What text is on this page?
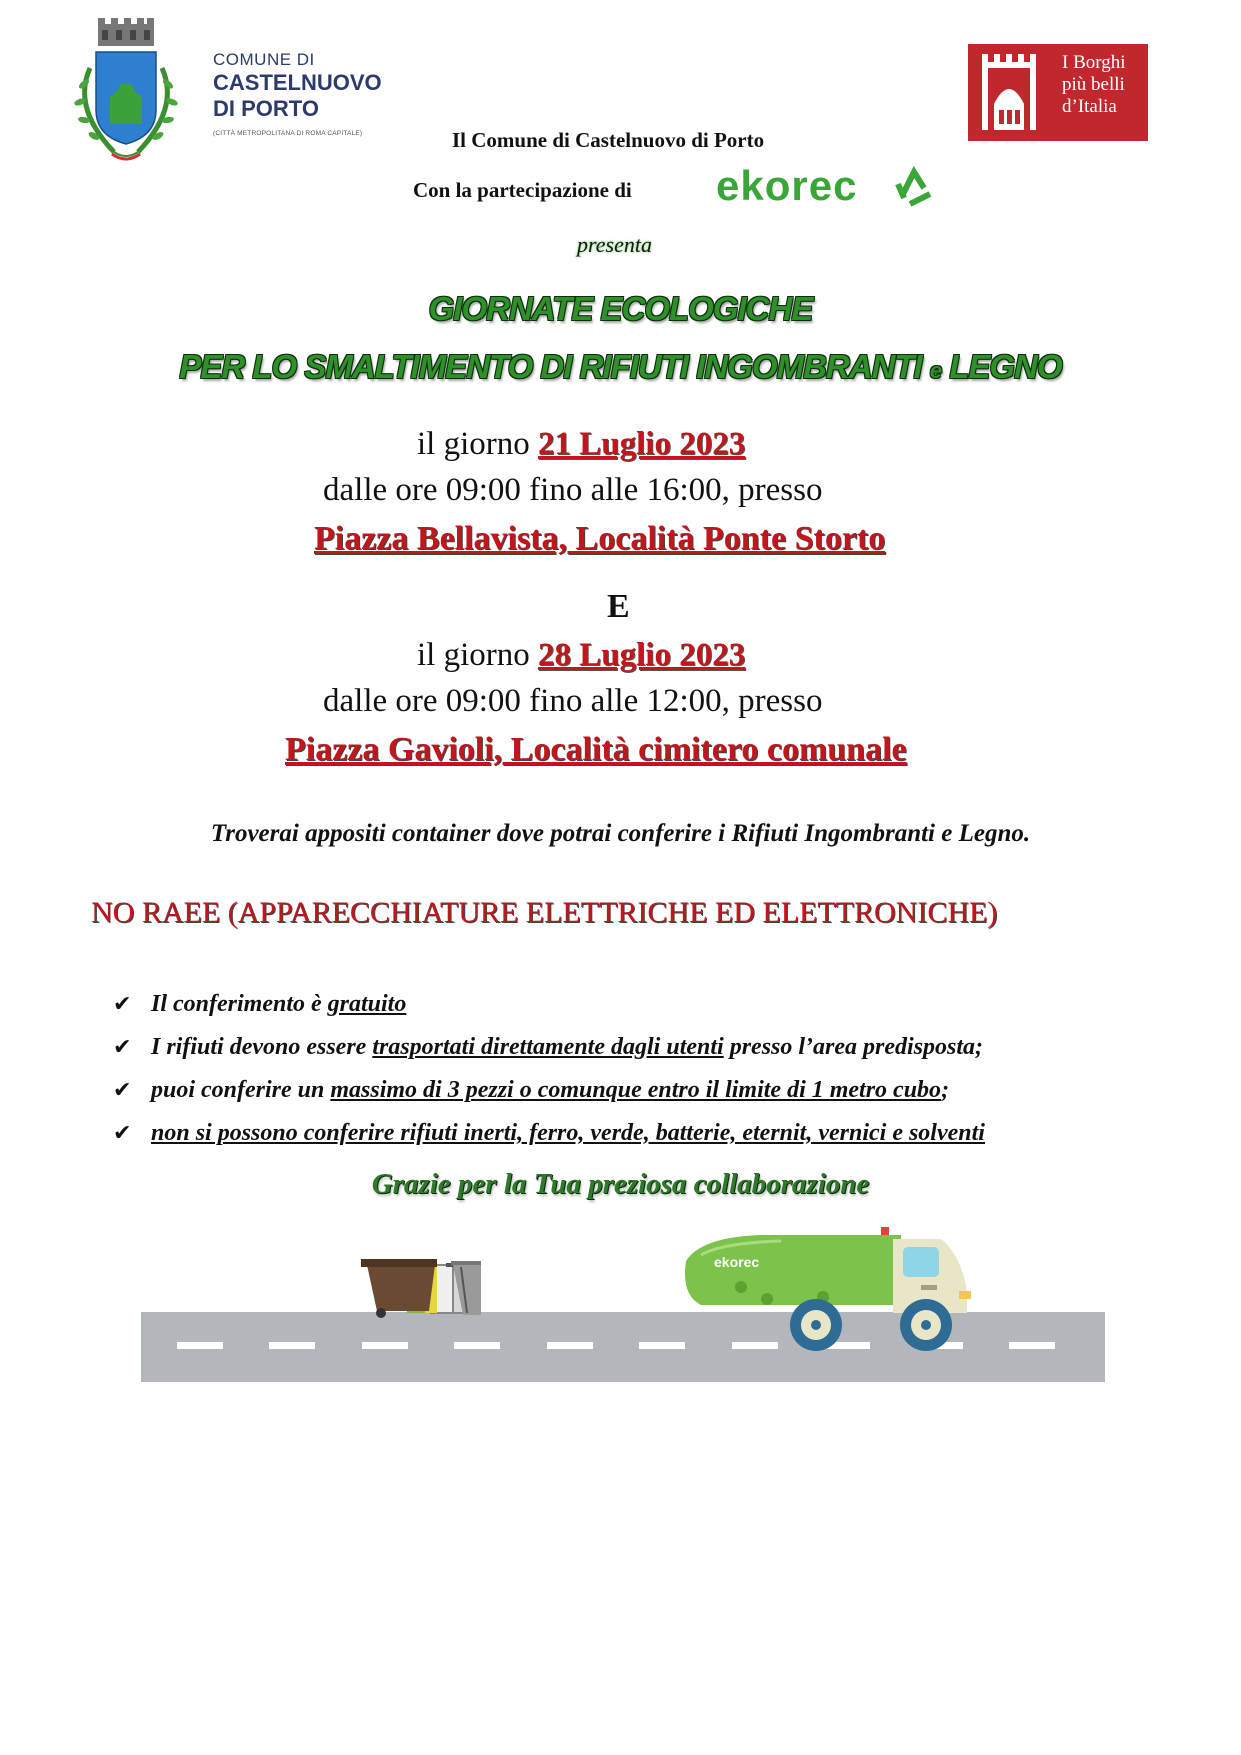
COMUNE DI
CASTELNUOVO
DI PORTO
(CITTÀ METROPOLITANA DI ROMA CAPITALE)
I Borghi
più belli
d’Italia
Il Comune di Castelnuovo di Porto
Con la partecipazione di ekorec
presenta
GIORNATE ECOLOGICHE
PER LO SMALTIMENTO DI RIFIUTI INGOMBRANTI e LEGNO
il giorno 21 Luglio 2023
dalle ore 09:00 fino alle 16:00, presso
Piazza Bellavista, Località Ponte Storto
E
il giorno 28 Luglio 2023
dalle ore 09:00 fino alle 12:00, presso
Piazza Gavioli, Località cimitero comunale
Troverai appositi container dove potrai conferire i Rifiuti Ingombranti e Legno.
NO RAEE (APPARECCHIATURE ELETTRICHE ED ELETTRONICHE)
✔ Il conferimento è gratuito
✔ I rifiuti devono essere trasportati direttamente dagli utenti presso l’area predisposta;
✔ puoi conferire un massimo di 3 pezzi o comunque entro il limite di 1 metro cubo;
✔ non si possono conferire rifiuti inerti, ferro, verde, batterie, eternit, vernici e solventi
Grazie per la Tua preziosa collaborazione
ekorec
